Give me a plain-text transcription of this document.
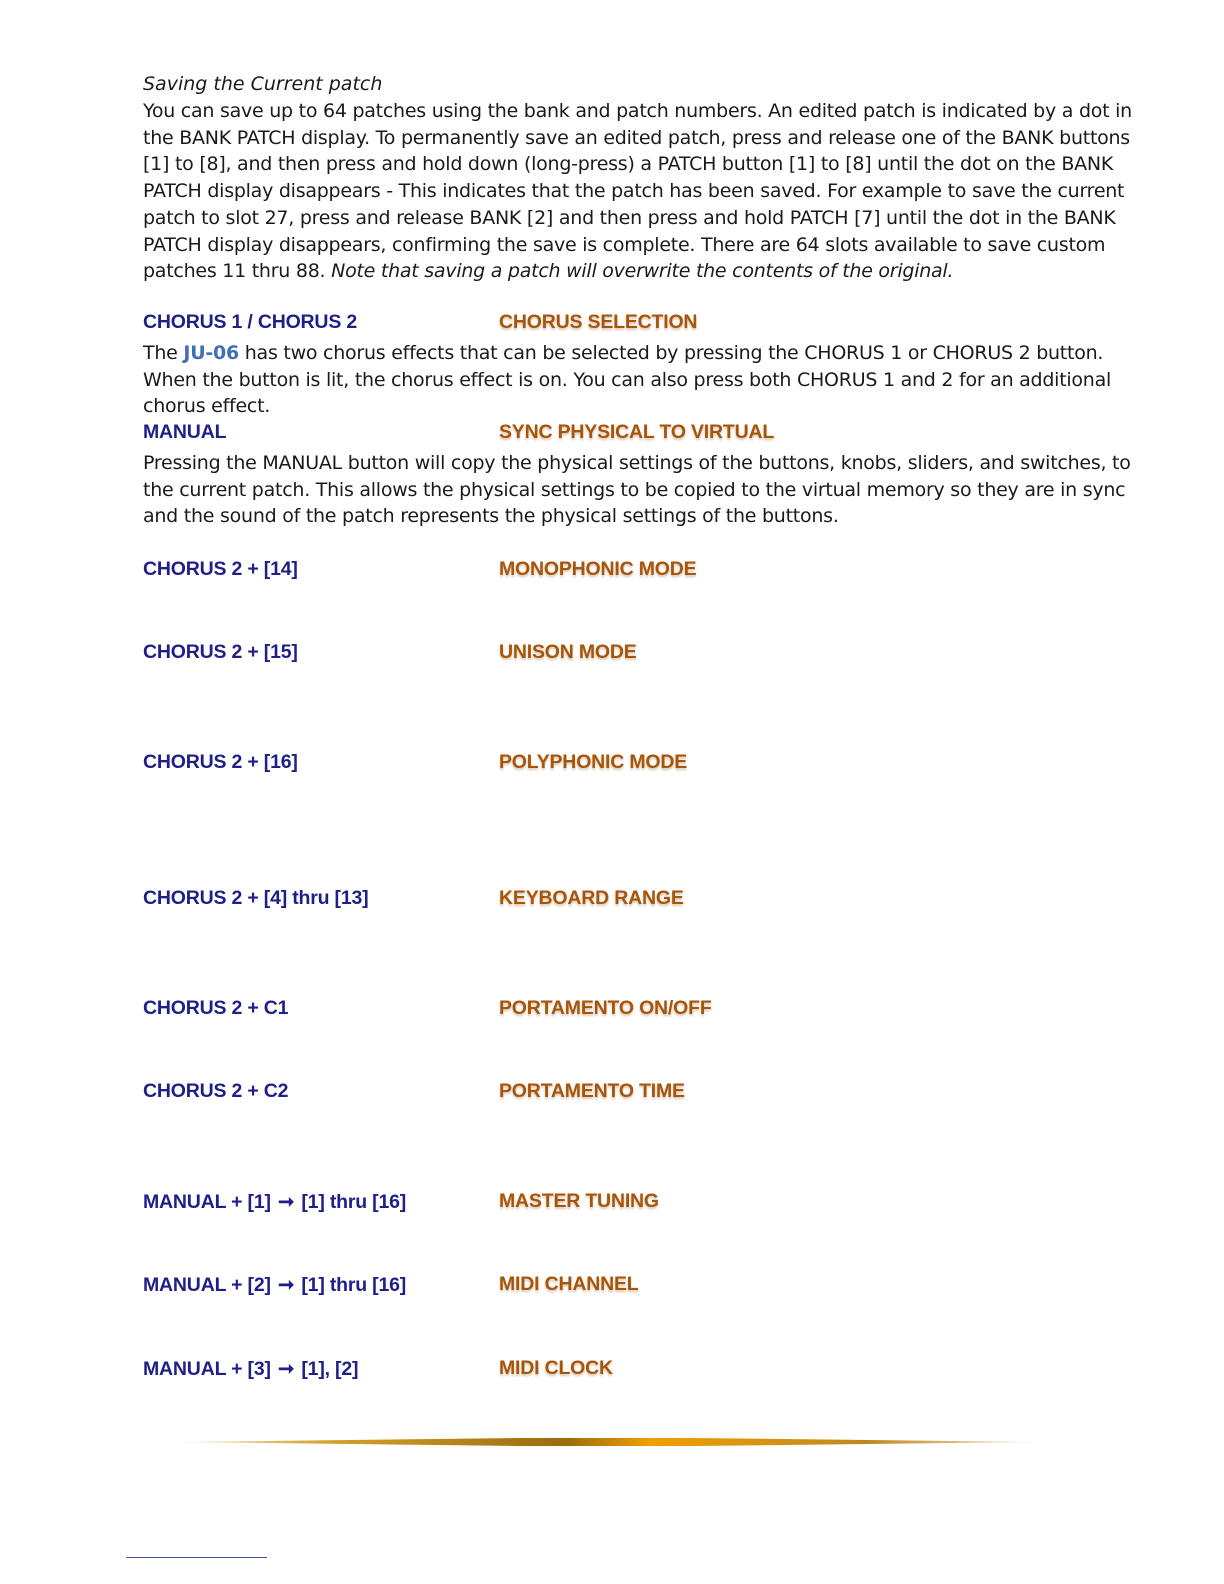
Saving the Current patch
You can save up to 64 patches using the bank and patch numbers. An edited patch is indicated by a dot in the BANK PATCH display. To permanently save an edited patch, press and release one of the BANK buttons [1] to [8], and then press and hold down (long-press) a PATCH button [1] to [8] until the dot on the BANK PATCH display disappears - This indicates that the patch has been saved. For example to save the current patch to slot 27, press and release BANK [2] and then press and hold PATCH [7] until the dot in the BANK PATCH display disappears, confirming the save is complete. There are 64 slots available to save custom patches 11 thru 88. Note that saving a patch will overwrite the contents of the original.
CHORUS 1 / CHORUS 2	CHORUS SELECTION
The JU-06 has two chorus effects that can be selected by pressing the CHORUS 1 or CHORUS 2 button. When the button is lit, the chorus effect is on. You can also press both CHORUS 1 and 2 for an additional chorus effect.
MANUAL	SYNC PHYSICAL TO VIRTUAL
Pressing the MANUAL button will copy the physical settings of the buttons, knobs, sliders, and switches, to the current patch. This allows the physical settings to be copied to the virtual memory so they are in sync and the sound of the patch represents the physical settings of the buttons.
CHORUS 2 + [14]	MONOPHONIC MODE
CHORUS 2 + [15]	UNISON MODE
CHORUS 2 + [16]	POLYPHONIC MODE
CHORUS 2 + [4] thru [13]	KEYBOARD RANGE
CHORUS 2 + C1	PORTAMENTO ON/OFF
CHORUS 2 + C2	PORTAMENTO TIME
MANUAL + [1] ➞ [1] thru [16]	MASTER TUNING
MANUAL + [2] ➞ [1] thru [16]	MIDI CHANNEL
MANUAL + [3] ➞ [1], [2]	MIDI CLOCK
